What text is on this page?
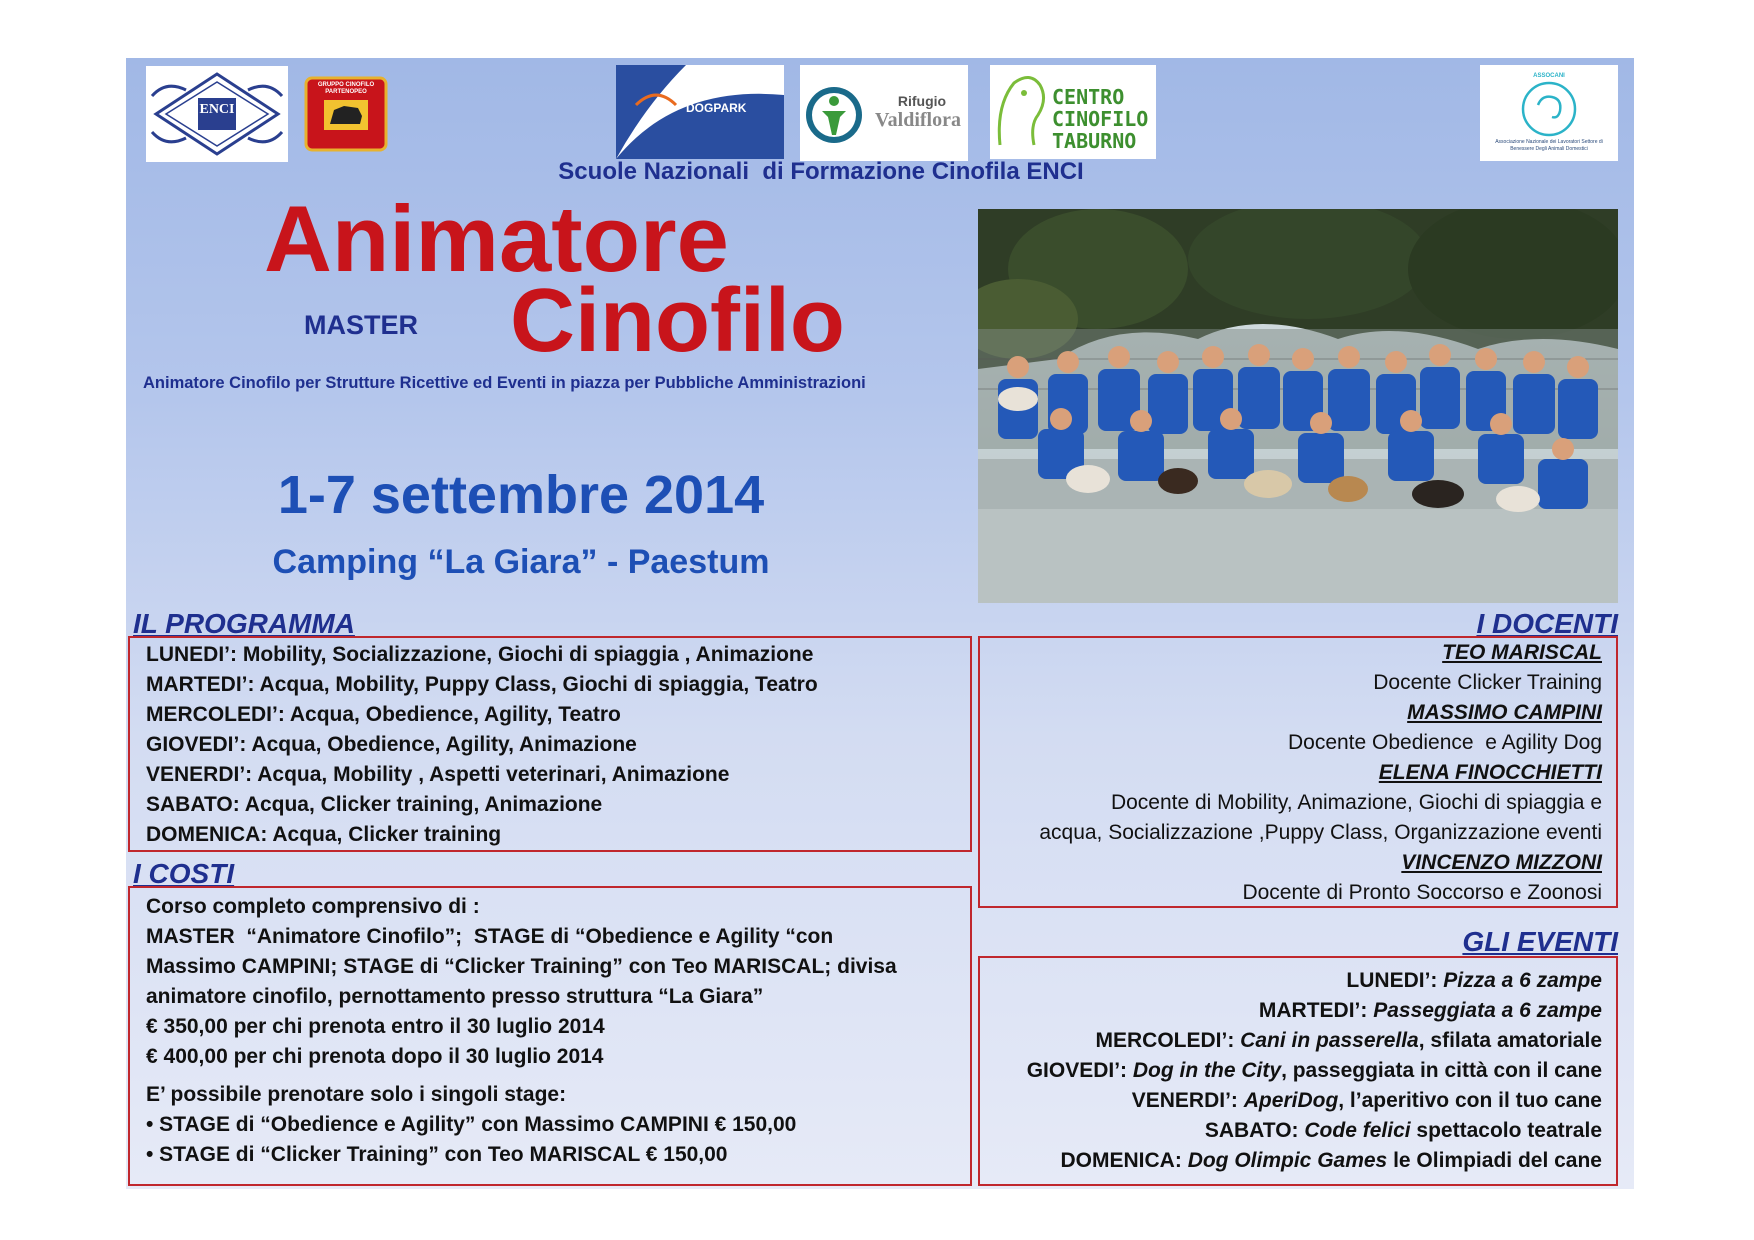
ENCI
GRUPPO CINOFILO PARTENOPEO
DOGPARK	Rifugio
Valdiflora
CENTRO
CINOFILO
TABURNO
ASSOCANI
Associazione Nazionale dei Lavoratori Settore di Benessere Degli Animali Domestici
Scuole Nazionali  di Formazione Cinofila ENCI
Animatore
Cinofilo
MASTER
Animatore Cinofilo per Strutture Ricettive ed Eventi in piazza per Pubbliche Amministrazioni
1-7 settembre 2014
Camping “La Giara” - Paestum
IL PROGRAMMA
LUNEDI’: Mobility, Socializzazione, Giochi di spiaggia , Animazione
MARTEDI’: Acqua, Mobility, Puppy Class, Giochi di spiaggia, Teatro
MERCOLEDI’: Acqua, Obedience, Agility, Teatro
GIOVEDI’: Acqua, Obedience, Agility, Animazione
VENERDI’: Acqua, Mobility , Aspetti veterinari, Animazione
SABATO: Acqua, Clicker training, Animazione
DOMENICA: Acqua, Clicker training
I COSTI
Corso completo comprensivo di :
MASTER  “Animatore Cinofilo”;  STAGE di “Obedience e Agility “con
Massimo CAMPINI; STAGE di “Clicker Training” con Teo MARISCAL; divisa
animatore cinofilo, pernottamento presso struttura “La Giara”
€ 350,00 per chi prenota entro il 30 luglio 2014
€ 400,00 per chi prenota dopo il 30 luglio 2014
E’ possibile prenotare solo i singoli stage:
• STAGE di “Obedience e Agility” con Massimo CAMPINI € 150,00
• STAGE di “Clicker Training” con Teo MARISCAL € 150,00
I DOCENTI
TEO MARISCAL
Docente Clicker Training
MASSIMO CAMPINI
Docente Obedience  e Agility Dog
ELENA FINOCCHIETTI
Docente di Mobility, Animazione, Giochi di spiaggia e
acqua, Socializzazione ,Puppy Class, Organizzazione eventi
VINCENZO MIZZONI
Docente di Pronto Soccorso e Zoonosi
GLI EVENTI
LUNEDI’: Pizza a 6 zampe
MARTEDI’: Passeggiata a 6 zampe
MERCOLEDI’: Cani in passerella, sfilata amatoriale
GIOVEDI’: Dog in the City, passeggiata in città con il cane
VENERDI’: AperiDog, l’aperitivo con il tuo cane
SABATO: Code felici spettacolo teatrale
DOMENICA: Dog Olimpic Games le Olimpiadi del cane
